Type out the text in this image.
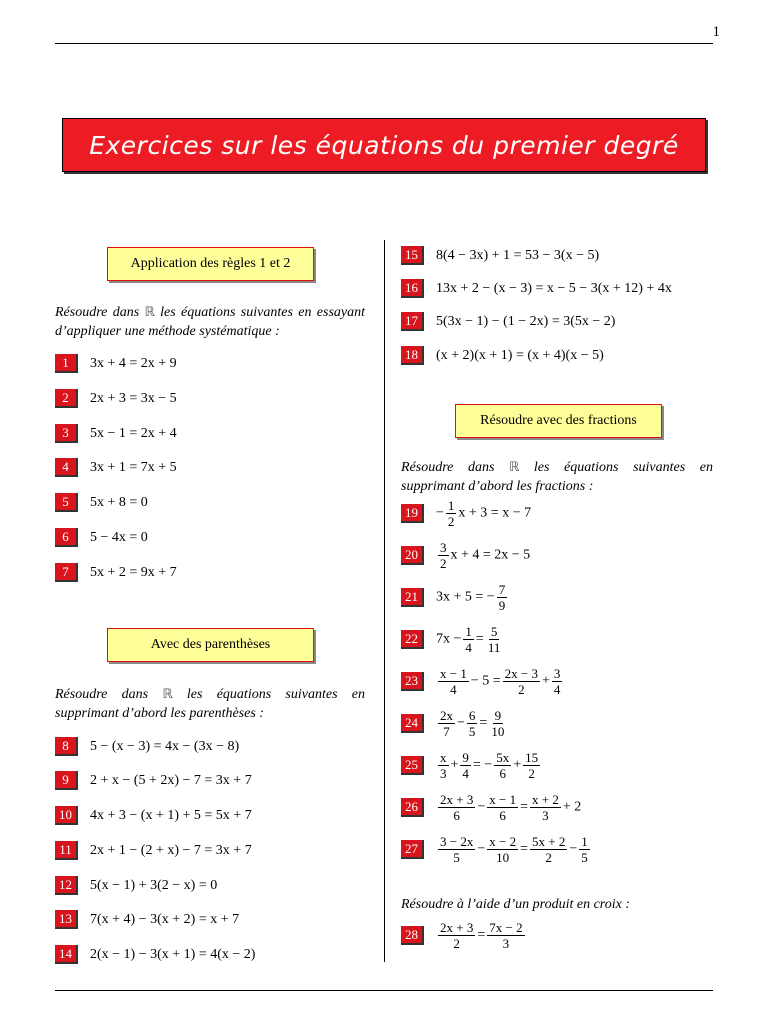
1
Exercices sur les équations du premier degré
Application des règles 1 et 2
Résoudre dans ℝ les équations suivantes en essayant d’appliquer une méthode systématique :
1	3x + 4 = 2x + 9
2	2x + 3 = 3x − 5
3	5x − 1 = 2x + 4
4	3x + 1 = 7x + 5
5	5x + 8 = 0
6	5 − 4x = 0
7	5x + 2 = 9x + 7
Avec des parenthèses
Résoudre dans ℝ les équations suivantes en supprimant d’abord les parenthèses :
8	5 − (x − 3) = 4x − (3x − 8)
9	2 + x − (5 + 2x) − 7 = 3x + 7
10	4x + 3 − (x + 1) + 5 = 5x + 7
11	2x + 1 − (2 + x) − 7 = 3x + 7
12	5(x − 1) + 3(2 − x) = 0
13	7(x + 4) − 3(x + 2) = x + 7
14	2(x − 1) − 3(x + 1) = 4(x − 2)
15	8(4 − 3x) + 1 = 53 − 3(x − 5)
16	13x + 2 − (x − 3) = x − 5 − 3(x + 12) + 4x
17	5(3x − 1) − (1 − 2x) = 3(5x − 2)
18	(x + 2)(x + 1) = (x + 4)(x − 5)
Résoudre avec des fractions
Résoudre dans ℝ les équations suivantes en supprimant d’abord les fractions :
19	− $\frac{1}{2}$ x + 3 = x − 7
20	$\frac{3}{2}$ x + 4 = 2x − 5
21	3x + 5 = − $\frac{7}{9}$
22	$7x - \frac{1}{4} = \frac{5}{11}$
23	$\frac{x - 1}{4} - 5 = \frac{2x - 3}{2} + \frac{3}{4}$
24	$\frac{2x}{7} - \frac{6}{5} = \frac{9}{10}$
25	$\frac{x}{3} + \frac{9}{4}$ = − $\frac{5x}{6} + \frac{15}{2}$
26	$\frac{2x + 3}{6} - \frac{x - 1}{6} = \frac{x + 2}{3} + 2$
27	$\frac{3 - 2x}{5} - \frac{x - 2}{10} = \frac{5x + 2}{2} - \frac{1}{5}$
Résoudre à l’aide d’un produit en croix :
28	$\frac{2x + 3}{2} = \frac{7x - 2}{3}$
